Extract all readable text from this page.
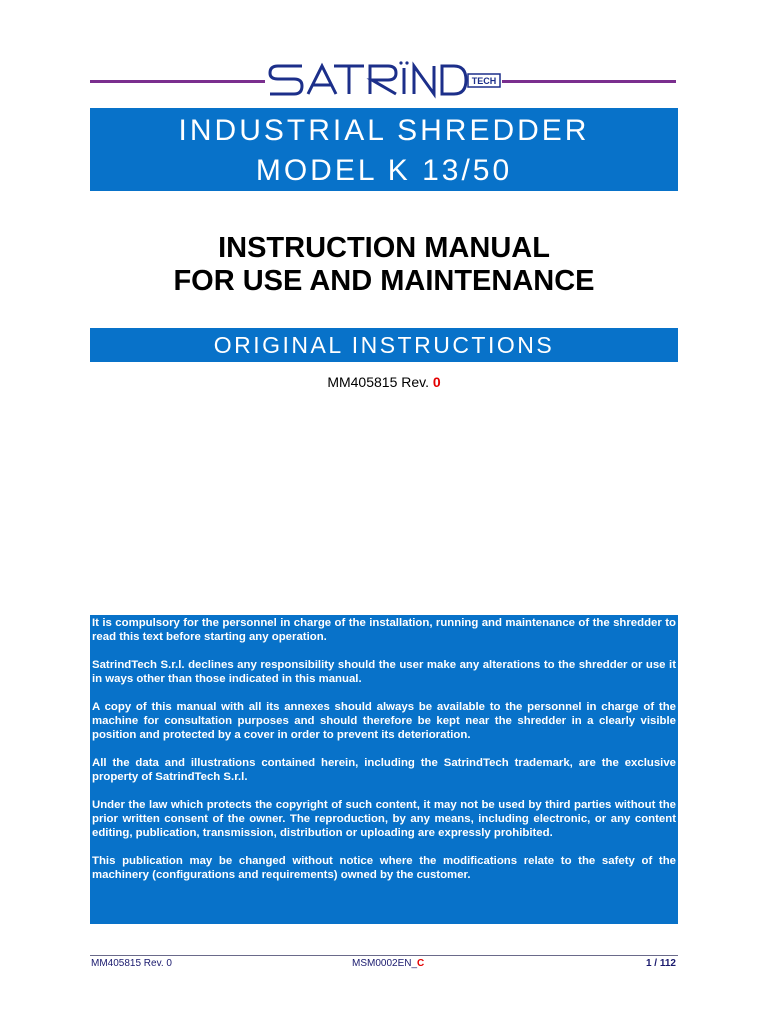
TECH
INDUSTRIAL SHREDDER
MODEL K 13/50
INSTRUCTION MANUAL
FOR USE AND MAINTENANCE
ORIGINAL INSTRUCTIONS
MM405815 Rev. 0

It is compulsory for the personnel in charge of the installation, running and maintenance of the shredder to read this text before starting any operation.

SatrindTech S.r.l. declines any responsibility should the user make any alterations to the shredder or use it in ways other than those indicated in this manual.

A copy of this manual with all its annexes should always be available to the personnel in charge of the machine for consultation purposes and should therefore be kept near the shredder in a clearly visible position and protected by a cover in order to prevent its deterioration.

All the data and illustrations contained herein, including the SatrindTech trademark, are the exclusive property of SatrindTech S.r.l.

Under the law which protects the copyright of such content, it may not be used by third parties without the prior written consent of the owner. The reproduction, by any means, including electronic, or any content editing, publication, transmission, distribution or uploading are expressly prohibited.

This publication may be changed without notice where the modifications relate to the safety of the machinery (configurations and requirements) owned by the customer.

MM405815 Rev. 0	MSM0002EN_C	1 / 112
